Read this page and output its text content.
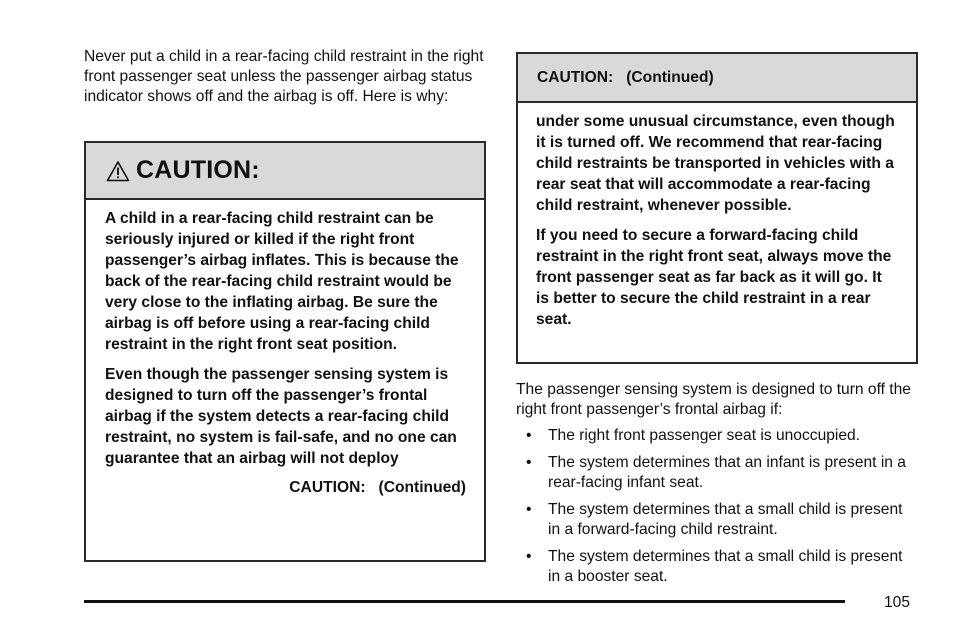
Never put a child in a rear-facing child restraint in the right front passenger seat unless the passenger airbag status indicator shows off and the airbag is off. Here is why:

CAUTION:

A child in a rear-facing child restraint can be seriously injured or killed if the right front passenger’s airbag inflates. This is because the back of the rear-facing child restraint would be very close to the inflating airbag. Be sure the airbag is off before using a rear-facing child restraint in the right front seat position.

Even though the passenger sensing system is designed to turn off the passenger’s frontal airbag if the system detects a rear-facing child restraint, no system is fail-safe, and no one can guarantee that an airbag will not deploy

CAUTION:   (Continued)
CAUTION:   (Continued)

under some unusual circumstance, even though it is turned off. We recommend that rear-facing child restraints be transported in vehicles with a rear seat that will accommodate a rear-facing child restraint, whenever possible.

If you need to secure a forward-facing child restraint in the right front seat, always move the front passenger seat as far back as it will go. It is better to secure the child restraint in a rear seat.

The passenger sensing system is designed to turn off the right front passenger’s frontal airbag if:

• The right front passenger seat is unoccupied.
• The system determines that an infant is present in a rear-facing infant seat.
• The system determines that a small child is present in a forward-facing child restraint.
• The system determines that a small child is present in a booster seat.
105
